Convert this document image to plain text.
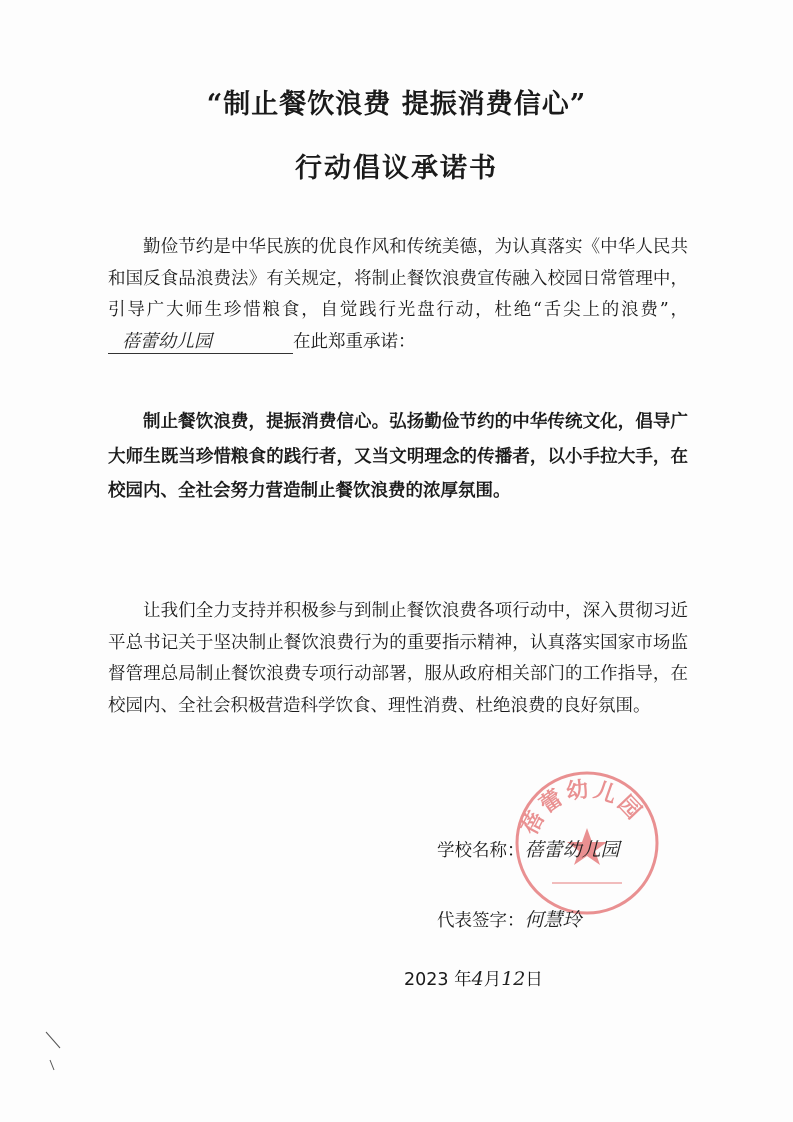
“制止餐饮浪费 提振消费信心”
行动倡议承诺书

勤俭节约是中华民族的优良作风和传统美德，为认真落实《中华人民共和国反食品浪费法》有关规定，将制止餐饮浪费宣传融入校园日常管理中，引导广大师生珍惜粮食，自觉践行光盘行动，杜绝“舌尖上的浪费”，蓓蕾幼儿园	在此郑重承诺：

制止餐饮浪费，提振消费信心。弘扬勤俭节约的中华传统文化，倡导广大师生既当珍惜粮食的践行者，又当文明理念的传播者，以小手拉大手，在校园内、全社会努力营造制止餐饮浪费的浓厚氛围。

让我们全力支持并积极参与到制止餐饮浪费各项行动中，深入贯彻习近平总书记关于坚决制止餐饮浪费行为的重要指示精神，认真落实国家市场监督管理总局制止餐饮浪费专项行动部署，服从政府相关部门的工作指导，在校园内、全社会积极营造科学饮食、理性消费、杜绝浪费的良好氛围。

蓓蕾幼儿园
学校名称：蓓蕾幼儿园
代表签字：何慧玲
2023 年4月12日
